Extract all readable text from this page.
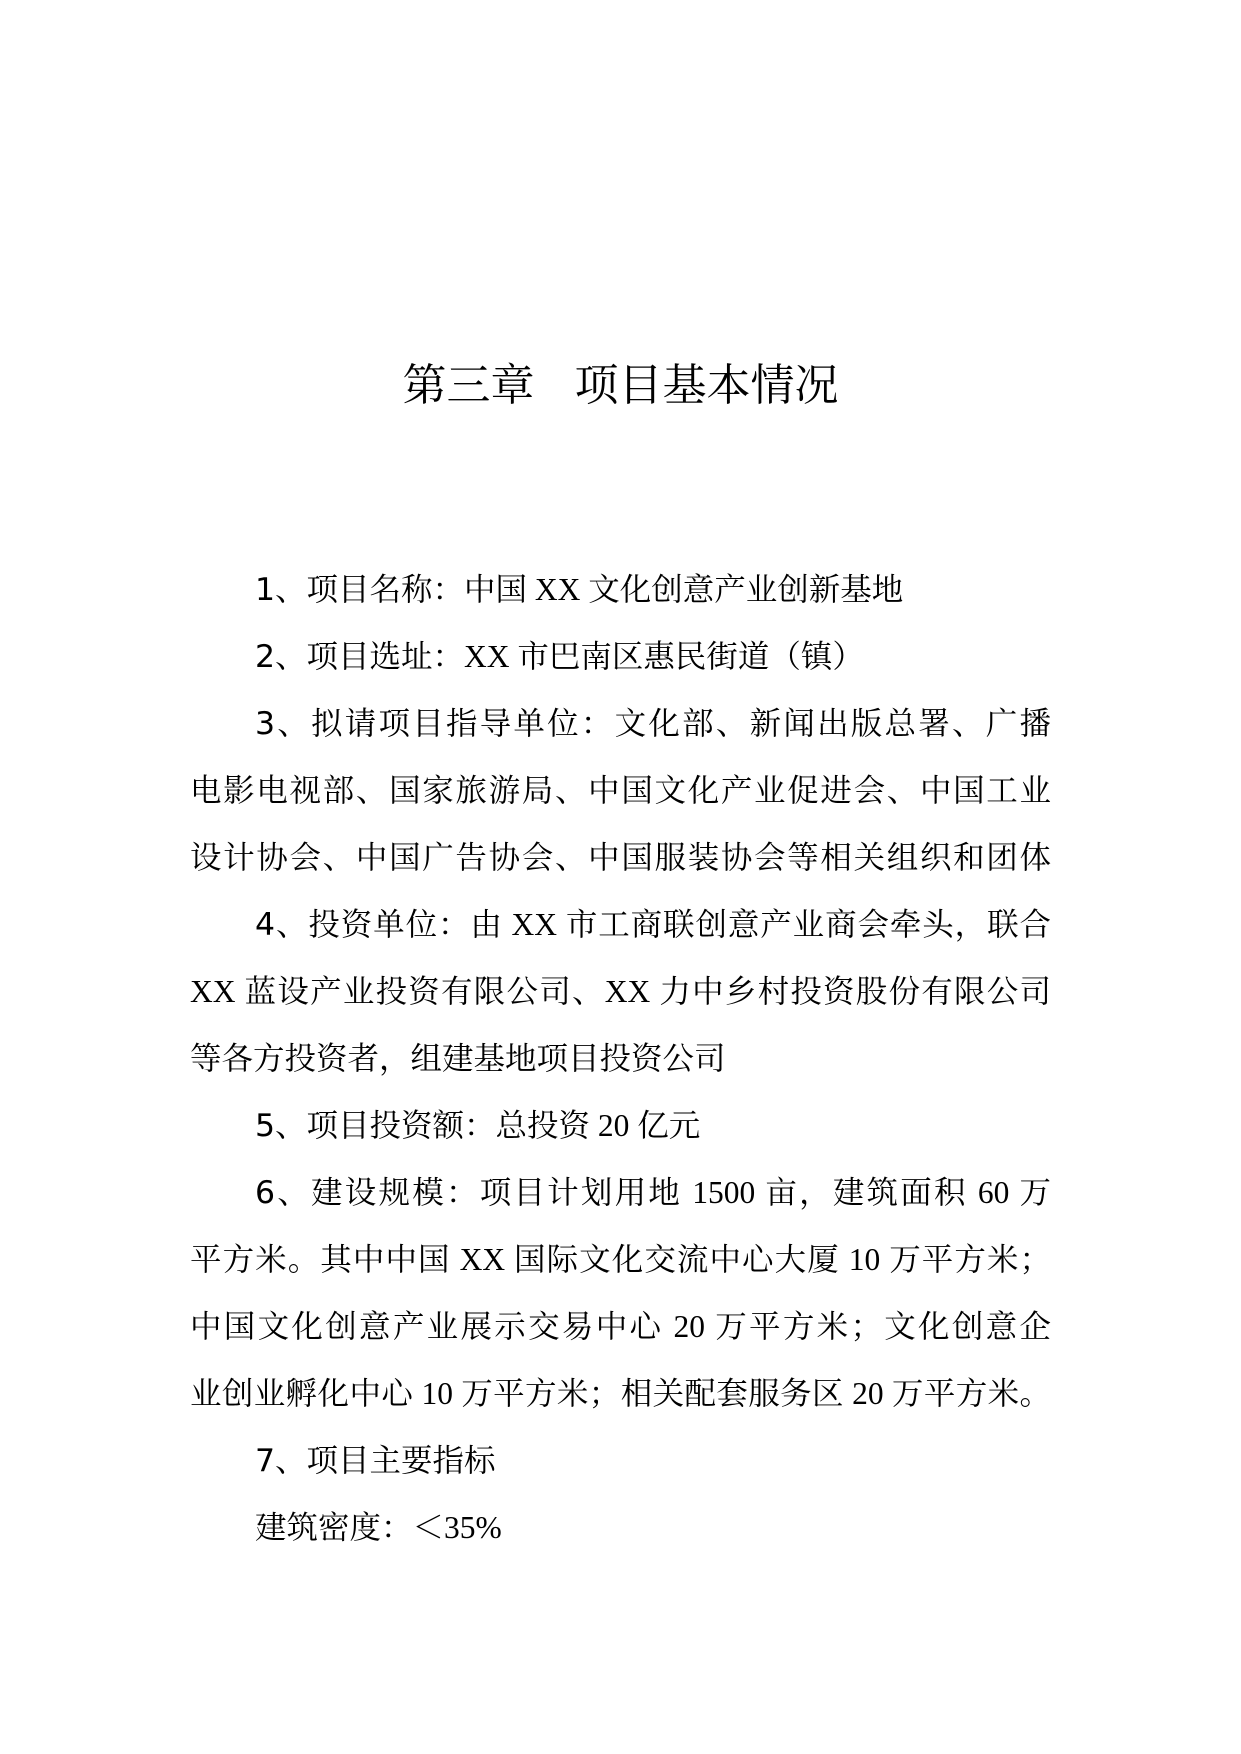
第三章 项目基本情况
1、项目名称：中国 XX 文化创意产业创新基地
2、项目选址：XX 市巴南区惠民街道（镇）
3、拟请项目指导单位：文化部、新闻出版总署、广播
电影电视部、国家旅游局、中国文化产业促进会、中国工业
设计协会、中国广告协会、中国服装协会等相关组织和团体
4、投资单位：由 XX 市工商联创意产业商会牵头，联合
XX 蓝设产业投资有限公司、XX 力中乡村投资股份有限公司
等各方投资者，组建基地项目投资公司
5、项目投资额：总投资 20 亿元
6、建设规模：项目计划用地 1500 亩，建筑面积 60 万
平方米。其中中国 XX 国际文化交流中心大厦 10 万平方米；
中国文化创意产业展示交易中心 20 万平方米；文化创意企
业创业孵化中心 10 万平方米；相关配套服务区 20 万平方米。
7、项目主要指标
建筑密度：＜35%
